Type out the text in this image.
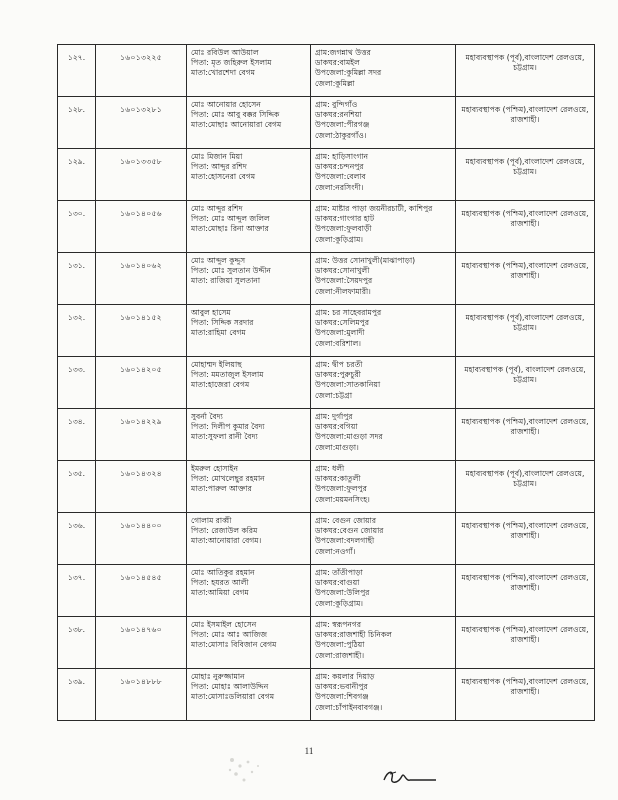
১২৭.	১৬০১৩২২৫	মোঃ রবিউল আউয়াল
পিতা: মৃত জহিরুল ইসলাম
মাতা:খোরশেদা বেগম	গ্রাম:জগন্নাথ উত্তর
ডাকঘর:বামইল
উপজেলা:কুমিল্লা সদর
জেলা:কুমিল্লা	মহাব্যবস্থাপক (পূর্ব),বাংলাদেশ রেলওয়ে, চট্টগ্রাম।

১২৮.	১৬০১৩২৮১	মোঃ আনোয়ার হোসেন
পিতা: মোঃ আবু বক্কর সিদ্দিক
মাতা:মোছাঃ আনোয়ারা বেগম	গ্রাম: বুন্দিগাঁও
ডাকঘর:রনশিয়া
উপজেলা:পীরগঞ্জ
জেলা:ঠাকুরগাঁও।	মহাব্যবস্থাপক (পশ্চিম),বাংলাদেশ রেলওয়ে, রাজশাহী।

১২৯.	১৬০১৩৩৫৮	মোঃ মিজান মিয়া
পিতা: আব্দুর রশিদ
মাতা:হোসনেরা বেগম	গ্রাম: হাড়িসাংগান
ডাকঘর:চন্দনপুর
উপজেলা:বেলাব
জেলা:নরসিংদী।	মহাব্যবস্থাপক (পূর্ব),বাংলাদেশ রেলওয়ে, চট্টগ্রাম।

১৩০.	১৬০১৪০৫৬	মোঃ আব্দুর রশিদ
পিতা: মোঃ আব্দুল জলিল
মাতা:মোছাঃ রিনা আক্তার	গ্রাম: মাষ্টার পাড়া জয়নীরচাটী, কাশিপুর
ডাকঘর:গাংগার হাট
উপজেলা:ফুলবাড়ী
জেলা:কুড়িগ্রাম।	মহাব্যবস্থাপক (পশ্চিম),বাংলাদেশ রেলওয়ে, রাজশাহী।

১৩১.	১৬০১৪০৬২	মোঃ আব্দুল কুদ্দুস
পিতা: মোঃ সুলতান উদ্দীন
মাতা: রাজিয়া সুলতানা	গ্রাম: উত্তর সোনাখুলী(মাঝাপাড়া)
ডাকঘর:সোনাখুলী
উপজেলা:সৈয়দপুর
জেলা:নীলফামারী।	মহাব্যবস্থাপক (পশ্চিম),বাংলাদেশ রেলওয়ে, রাজশাহী।

১৩২.	১৬০১৪১৫২	আবুল হাসেম
পিতা: সিদ্দিক সরদার
মাতা:রাহিমা বেগম	গ্রাম: চর সাহেবরামপুর
ডাকঘর:সেলিমপুর
উপজেলা:মুলাদী
জেলা:বরিশাল।	মহাব্যবস্থাপক (পূর্ব),বাংলাদেশ রেলওয়ে, চট্টগ্রাম।

১৩৩.	১৬০১৪২০৫	মোহাম্মদ ইলিয়াছ
পিতা: মমতাজুল ইসলাম
মাতা:হাজেরা বেগম	গ্রাম: দ্বীপ চরতী
ডাকঘর:পুরুচুরী
উপজেলা:সাতকানিয়া
জেলা:চট্টগ্রা	মহাব্যবস্থাপক (পূর্ব), বাংলাদেশ রেলওয়ে, চট্টগ্রাম।

১৩৪.	১৬০১৪২২৯	সুবর্না বৈদ্য
পিতা: দিলীপ কুমার বৈদ্য
মাতা:সুফলা রানী বৈদ্য	গ্রাম: দুর্গাপুর
ডাকঘর:বগিয়া
উপজেলা:মাগুড়া সদর
জেলা:মাগুড়া।	মহাব্যবস্থাপক (পশ্চিম),বাংলাদেশ রেলওয়ে, রাজশাহী।

১৩৫.	১৬০১৪৩২৪	ইমরুল হোসাইন
পিতা: মোখলেছুর রহমান
মাতা:পারুল আক্তার	গ্রাম: ধলী
ডাকঘর:কাতুলী
উপজেলা:ফুলপুর
জেলা:ময়মনসিংহ।	মহাব্যবস্থাপক (পূর্ব),বাংলাদেশ রেলওয়ে, চট্টগ্রাম।

১৩৬.	১৬০১৪৪০০	গোলাম রাব্বী
পিতা: রেজাউল করিম
মাতা:আনোয়ারা বেগম।	গ্রাম: বেগুন জোয়ার
ডাকঘর:বেগুন জোয়ার
উপজেলা:বদলগাছী
জেলা:নওগাঁ।	মহাব্যবস্থাপক (পশ্চিম),বাংলাদেশ রেলওয়ে, রাজশাহী।

১৩৭.	১৬০১৪৫৪৫	মোঃ আতিকুর রহমান
পিতা: হযরত আলী
মাতা:আমিয়া বেগম	গ্রাম: তাঁতীপাড়া
ডাকঘর:বাগুয়া
উপজেলা:উলিপুর
জেলা:কুড়িগ্রাম।	মহাব্যবস্থাপক (পশ্চিম),বাংলাদেশ রেলওয়ে, রাজশাহী।

১৩৮.	১৬০১৪৭৬০	মোঃ ইসমাইল হোসেন
পিতা: মোঃ আঃ আজিজ
মাতা:মোসাঃ বিবিজান বেগম	গ্রাম: স্বরূপনগর
ডাকঘর:রাজশাহী চিনিকল
উপজেলা:পুঠিয়া
জেলা:রাজশাহী।	মহাব্যবস্থাপক (পশ্চিম),বাংলাদেশ রেলওয়ে, রাজশাহী।

১৩৯.	১৬০১৪৮৮৮	মোহাঃ নুরুজ্জামান
পিতা: মোহাঃ আলাউদ্দিন
মাতা:মোসাঃডলিয়ারা বেগম	গ্রাম: কয়লার দিয়াড়
ডাকঘর:ভবানীপুর
উপজেলা:শিবগঞ্জ
জেলা:চাঁপাইনবাবগঞ্জ।	মহাব্যবস্থাপক (পশ্চিম),বাংলাদেশ রেলওয়ে, রাজশাহী।
11
